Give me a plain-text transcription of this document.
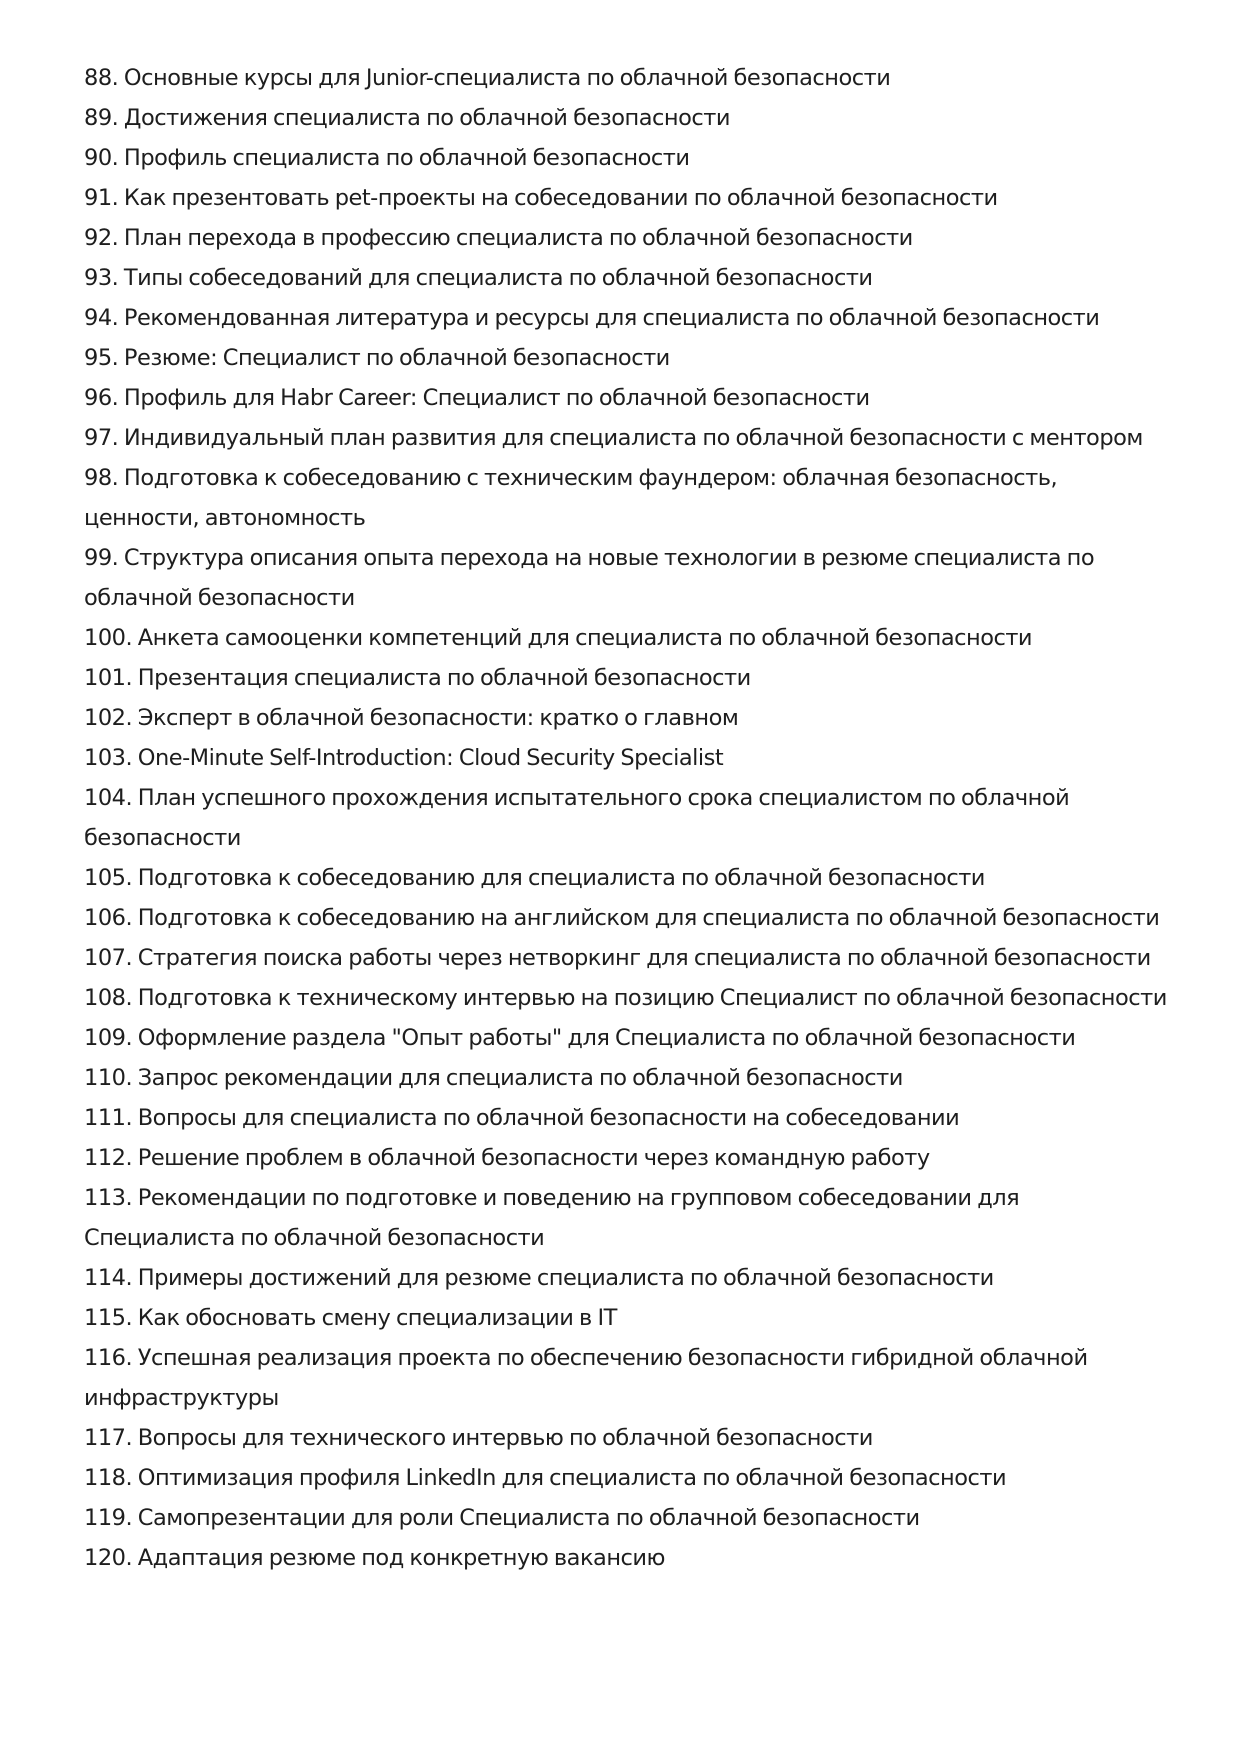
88. Основные курсы для Junior-специалиста по облачной безопасности
89. Достижения специалиста по облачной безопасности
90. Профиль специалиста по облачной безопасности
91. Как презентовать pet-проекты на собеседовании по облачной безопасности
92. План перехода в профессию специалиста по облачной безопасности
93. Типы собеседований для специалиста по облачной безопасности
94. Рекомендованная литература и ресурсы для специалиста по облачной безопасности
95. Резюме: Специалист по облачной безопасности
96. Профиль для Habr Career: Специалист по облачной безопасности
97. Индивидуальный план развития для специалиста по облачной безопасности с ментором
98. Подготовка к собеседованию с техническим фаундером: облачная безопасность, ценности, автономность
99. Структура описания опыта перехода на новые технологии в резюме специалиста по облачной безопасности
100. Анкета самооценки компетенций для специалиста по облачной безопасности
101. Презентация специалиста по облачной безопасности
102. Эксперт в облачной безопасности: кратко о главном
103. One-Minute Self-Introduction: Cloud Security Specialist
104. План успешного прохождения испытательного срока специалистом по облачной безопасности
105. Подготовка к собеседованию для специалиста по облачной безопасности
106. Подготовка к собеседованию на английском для специалиста по облачной безопасности
107. Стратегия поиска работы через нетворкинг для специалиста по облачной безопасности
108. Подготовка к техническому интервью на позицию Специалист по облачной безопасности
109. Оформление раздела "Опыт работы" для Специалиста по облачной безопасности
110. Запрос рекомендации для специалиста по облачной безопасности
111. Вопросы для специалиста по облачной безопасности на собеседовании
112. Решение проблем в облачной безопасности через командную работу
113. Рекомендации по подготовке и поведению на групповом собеседовании для Специалиста по облачной безопасности
114. Примеры достижений для резюме специалиста по облачной безопасности
115. Как обосновать смену специализации в IT
116. Успешная реализация проекта по обеспечению безопасности гибридной облачной инфраструктуры
117. Вопросы для технического интервью по облачной безопасности
118. Оптимизация профиля LinkedIn для специалиста по облачной безопасности
119. Самопрезентации для роли Специалиста по облачной безопасности
120. Адаптация резюме под конкретную вакансию
